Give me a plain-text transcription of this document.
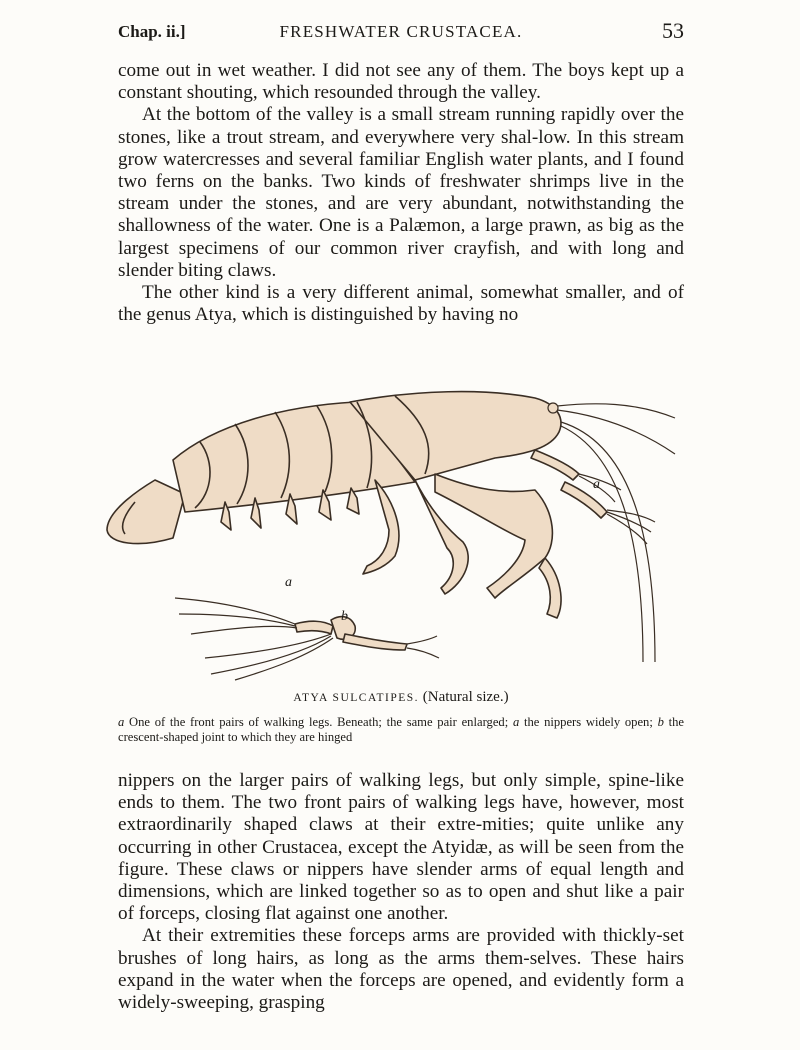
Chap. ii.]	FRESHWATER CRUSTACEA.	53

come out in wet weather. I did not see any of them. The boys kept up a constant shouting, which resounded through the valley.

At the bottom of the valley is a small stream running rapidly over the stones, like a trout stream, and everywhere very shal-low. In this stream grow watercresses and several familiar English water plants, and I found two ferns on the banks. Two kinds of freshwater shrimps live in the stream under the stones, and are very abundant, notwithstanding the shallowness of the water. One is a Palæmon, a large prawn, as big as the largest specimens of our common river crayfish, and with long and slender biting claws.

The other kind is a very different animal, somewhat smaller, and of the genus Atya, which is distinguished by having no

a
a
b
ATYA SULCATIPES. (Natural size.)
a One of the front pairs of walking legs. Beneath; the same pair enlarged; a the nippers widely open; b the crescent-shaped joint to which they are hinged

nippers on the larger pairs of walking legs, but only simple, spine-like ends to them. The two front pairs of walking legs have, however, most extraordinarily shaped claws at their extre-mities; quite unlike any occurring in other Crustacea, except the Atyidæ, as will be seen from the figure. These claws or nippers have slender arms of equal length and dimensions, which are linked together so as to open and shut like a pair of forceps, closing flat against one another.

At their extremities these forceps arms are provided with thickly-set brushes of long hairs, as long as the arms them-selves. These hairs expand in the water when the forceps are opened, and evidently form a widely-sweeping, grasping
